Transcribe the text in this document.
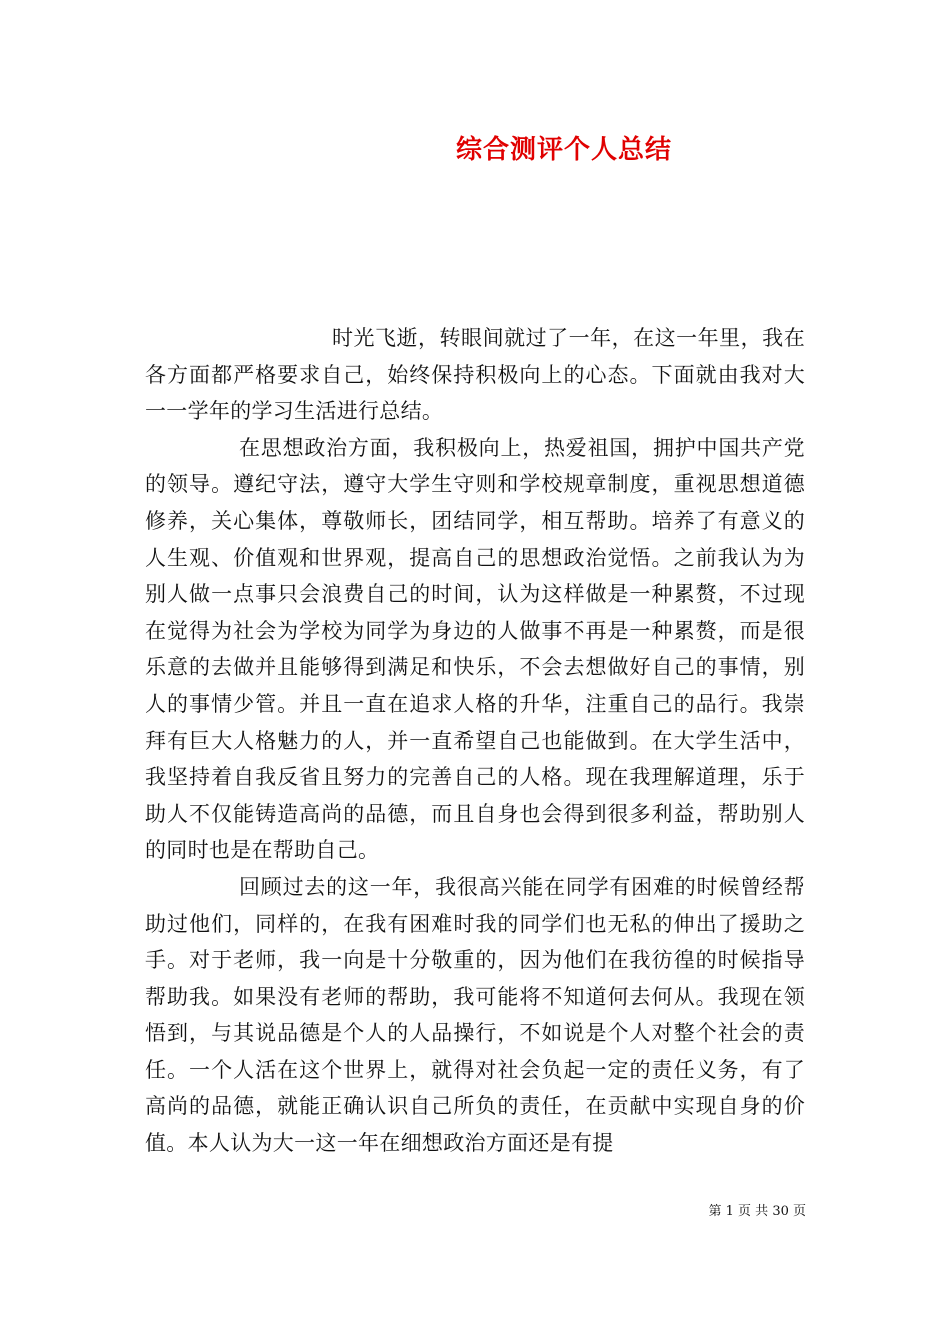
综合测评个人总结

时光飞逝，转眼间就过了一年，在这一年里，我在各方面都严格要求自己，始终保持积极向上的心态。下面就由我对大一一学年的学习生活进行总结。

在思想政治方面，我积极向上，热爱祖国，拥护中国共产党的领导。遵纪守法，遵守大学生守则和学校规章制度，重视思想道德修养，关心集体，尊敬师长，团结同学，相互帮助。培养了有意义的人生观、价值观和世界观，提高自己的思想政治觉悟。之前我认为为别人做一点事只会浪费自己的时间，认为这样做是一种累赘，不过现在觉得为社会为学校为同学为身边的人做事不再是一种累赘，而是很乐意的去做并且能够得到满足和快乐，不会去想做好自己的事情，别人的事情少管。并且一直在追求人格的升华，注重自己的品行。我崇拜有巨大人格魅力的人，并一直希望自己也能做到。在大学生活中，我坚持着自我反省且努力的完善自己的人格。现在我理解道理，乐于助人不仅能铸造高尚的品德，而且自身也会得到很多利益，帮助别人的同时也是在帮助自己。

回顾过去的这一年，我很高兴能在同学有困难的时候曾经帮助过他们，同样的，在我有困难时我的同学们也无私的伸出了援助之手。对于老师，我一向是十分敬重的，因为他们在我彷徨的时候指导帮助我。如果没有老师的帮助，我可能将不知道何去何从。我现在领悟到，与其说品德是个人的人品操行，不如说是个人对整个社会的责任。一个人活在这个世界上，就得对社会负起一定的责任义务，有了高尚的品德，就能正确认识自己所负的责任，在贡献中实现自身的价值。本人认为大一这一年在细想政治方面还是有提

第 1 页 共 30 页
